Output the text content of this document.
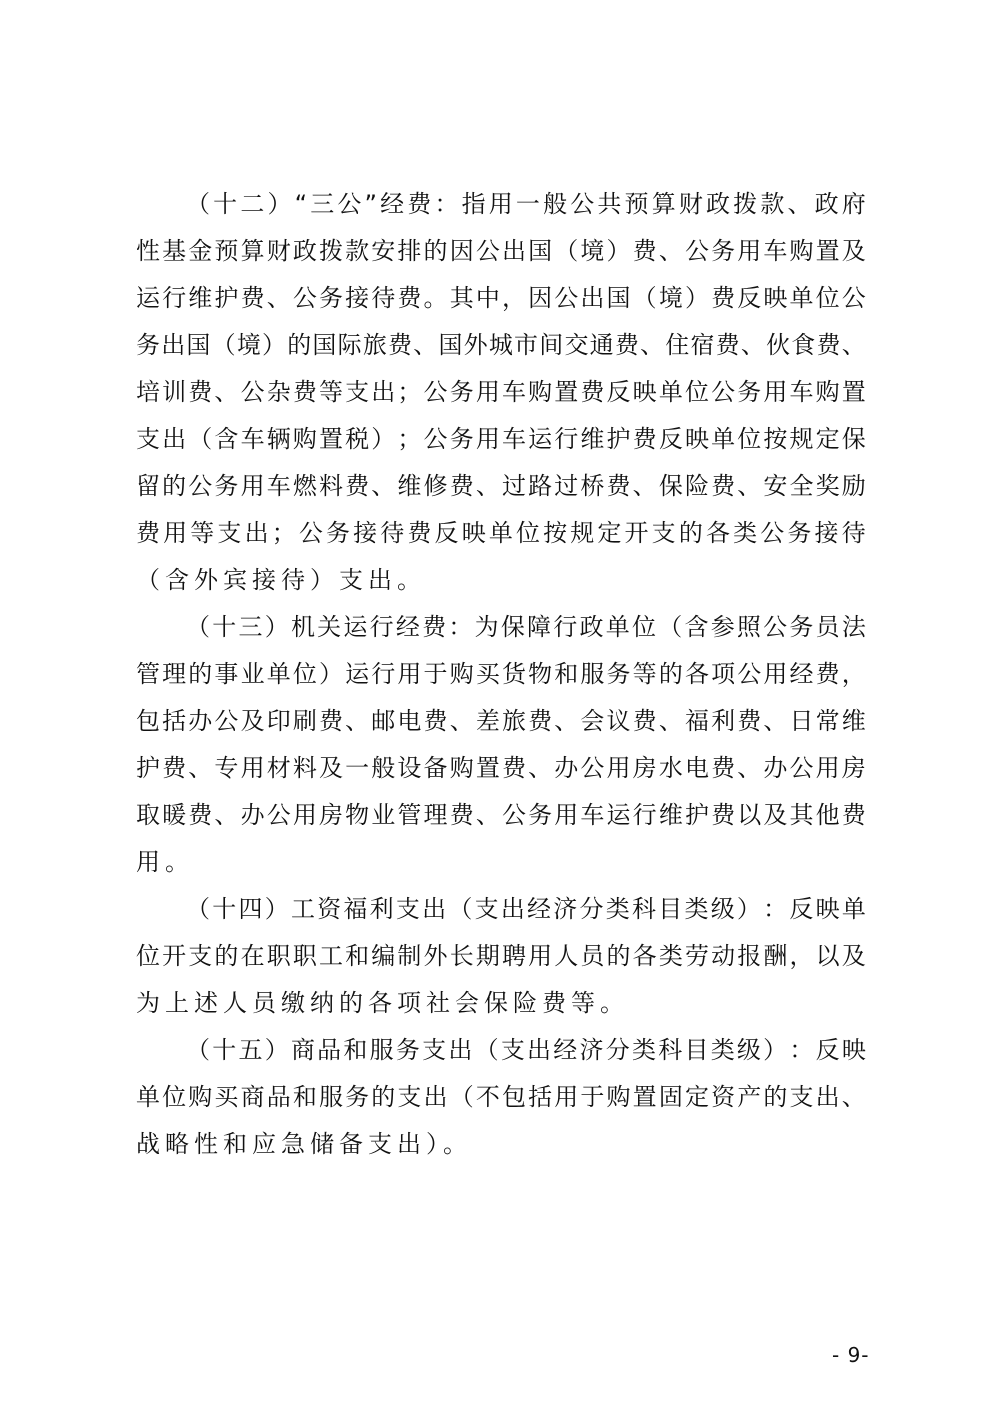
（ 十 二 ） “ 三 公 ” 经 费 ： 指 用 一 般 公 共 预 算 财 政 拨 款 、 政 府
性 基 金 预 算 财 政 拨 款 安 排 的 因 公 出 国 （ 境 ） 费 、 公 务 用 车 购 置 及
运 行 维 护 费 、 公 务 接 待 费 。 其 中 ， 因 公 出 国 （ 境 ） 费 反 映 单 位 公
务 出 国 （ 境 ） 的 国 际 旅 费 、 国 外 城 市 间 交 通 费 、 住 宿 费 、 伙 食 费 、
培 训 费 、 公 杂 费 等 支 出 ； 公 务 用 车 购 置 费 反 映 单 位 公 务 用 车 购 置
支 出 （ 含 车 辆 购 置 税 ） ； 公 务 用 车 运 行 维 护 费 反 映 单 位 按 规 定 保
留 的 公 务 用 车 燃 料 费 、 维 修 费 、 过 路 过 桥 费 、 保 险 费 、 安 全 奖 励
费 用 等 支 出 ； 公 务 接 待 费 反 映 单 位 按 规 定 开 支 的 各 类 公 务 接 待
（含外宾接待）支出。
（ 十 三 ） 机 关 运 行 经 费 ： 为 保 障 行 政 单 位 （ 含 参 照 公 务 员 法
管 理 的 事 业 单 位 ） 运 行 用 于 购 买 货 物 和 服 务 等 的 各 项 公 用 经 费 ，
包 括 办 公 及 印 刷 费 、 邮 电 费 、 差 旅 费 、 会 议 费 、 福 利 费 、 日 常 维
护 费 、 专 用 材 料 及 一 般 设 备 购 置 费 、 办 公 用 房 水 电 费 、 办 公 用 房
取 暖 费 、 办 公 用 房 物 业 管 理 费 、 公 务 用 车 运 行 维 护 费 以 及 其 他 费
用。
（ 十 四 ） 工 资 福 利 支 出 （ 支 出 经 济 分 类 科 目 类 级 ） ： 反 映 单
位 开 支 的 在 职 职 工 和 编 制 外 长 期 聘 用 人 员 的 各 类 劳 动 报 酬 ， 以 及
为上述人员缴纳的各项社会保险费等。
（ 十 五 ） 商 品 和 服 务 支 出 （ 支 出 经 济 分 类 科 目 类 级 ） ： 反 映
单 位 购 买 商 品 和 服 务 的 支 出 （ 不 包 括 用 于 购 置 固 定 资 产 的 支 出 、
战略性和应急储备支出）。
- 9-
